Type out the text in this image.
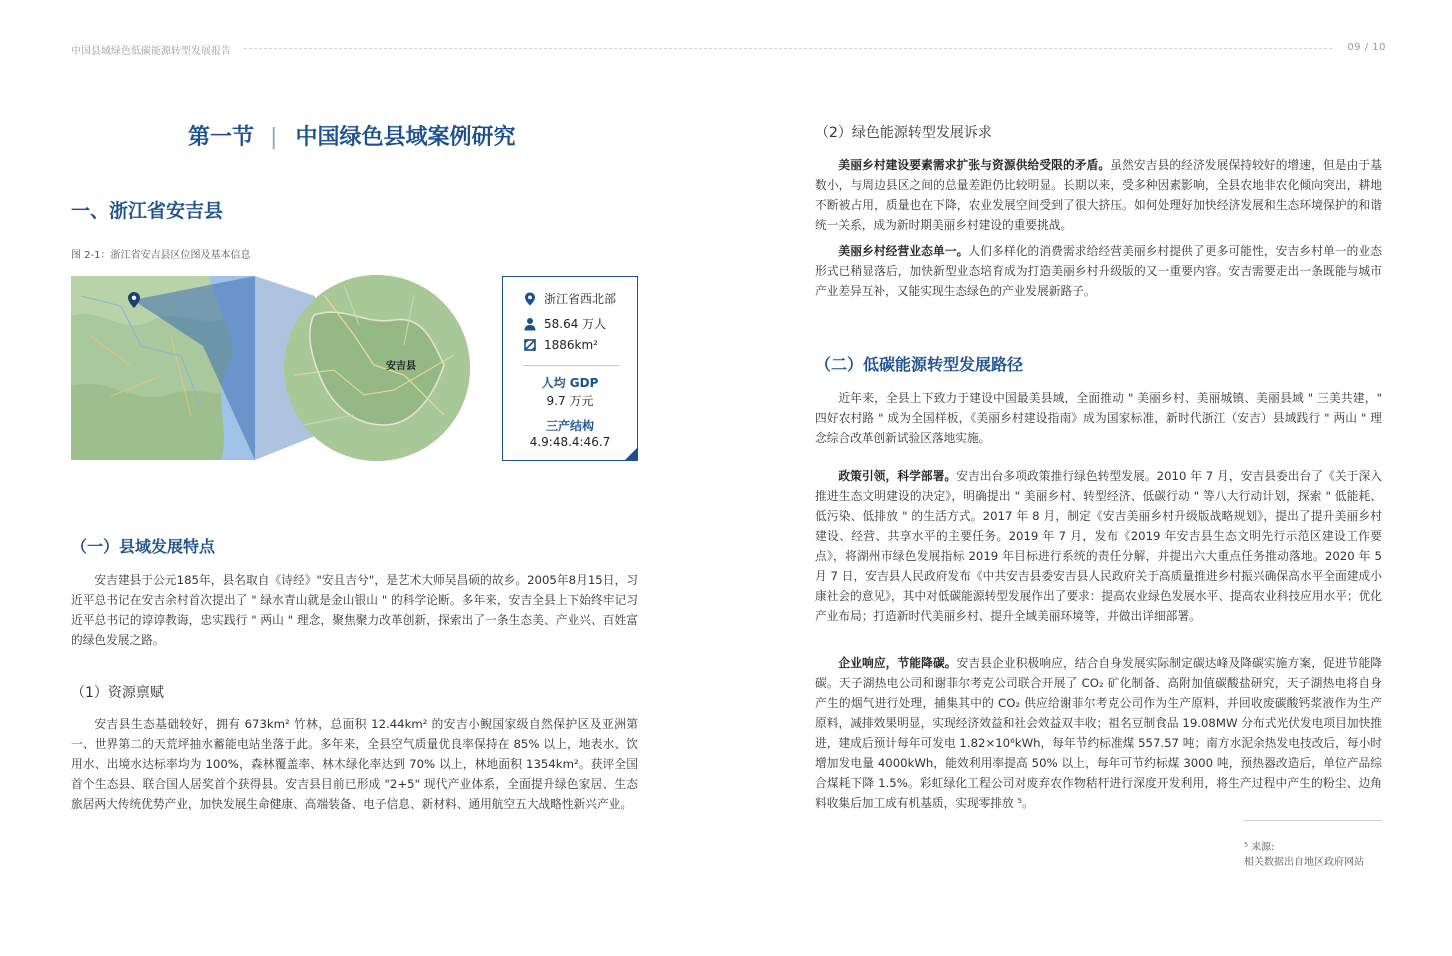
中国县域绿色低碳能源转型发展报告	09 / 10
第一节 | 中国绿色县域案例研究
一、浙江省安吉县
图 2-1：浙江省安吉县区位图及基本信息
安吉县
浙江省西北部
58.64 万人
1886km²
人均 GDP
9.7 万元
三产结构
4.9:48.4:46.7
（一）县域发展特点

安吉建县于公元185年，县名取自《诗经》"安且吉兮"，是艺术大师吴昌硕的故乡。2005年8月15日，习近平总书记在安吉余村首次提出了 " 绿水青山就是金山银山 " 的科学论断。多年来，安吉全县上下始终牢记习近平总书记的谆谆教诲，忠实践行 " 两山 " 理念，聚焦聚力改革创新，探索出了一条生态美、产业兴、百姓富的绿色发展之路。

（1）资源禀赋

安吉县生态基础较好，拥有 673km² 竹林，总面积 12.44km² 的安吉小鲵国家级自然保护区及亚洲第一、世界第二的天荒坪抽水蓄能电站坐落于此。多年来，全县空气质量优良率保持在 85% 以上，地表水、饮用水、出境水达标率均为 100%，森林覆盖率、林木绿化率达到 70% 以上，林地面积 1354km²。获评全国首个生态县、联合国人居奖首个获得县。安吉县目前已形成 "2+5" 现代产业体系，全面提升绿色家居、生态旅居两大传统优势产业，加快发展生命健康、高端装备、电子信息、新材料、通用航空五大战略性新兴产业。

（2）绿色能源转型发展诉求

美丽乡村建设要素需求扩张与资源供给受限的矛盾。虽然安吉县的经济发展保持较好的增速，但是由于基数小，与周边县区之间的总量差距仍比较明显。长期以来，受多种因素影响，全县农地非农化倾向突出，耕地不断被占用，质量也在下降，农业发展空间受到了很大挤压。如何处理好加快经济发展和生态环境保护的和谐统一关系，成为新时期美丽乡村建设的重要挑战。

美丽乡村经营业态单一。人们多样化的消费需求给经营美丽乡村提供了更多可能性，安吉乡村单一的业态形式已稍显落后，加快新型业态培育成为打造美丽乡村升级版的又一重要内容。安吉需要走出一条既能与城市产业差异互补，又能实现生态绿色的产业发展新路子。

（二）低碳能源转型发展路径

近年来，全县上下致力于建设中国最美县域，全面推动 " 美丽乡村、美丽城镇、美丽县域 " 三美共建，" 四好农村路 " 成为全国样板，《美丽乡村建设指南》成为国家标准，新时代浙江（安吉）县域践行 " 两山 " 理念综合改革创新试验区落地实施。

政策引领，科学部署。安吉出台多项政策推行绿色转型发展。2010 年 7 月，安吉县委出台了《关于深入推进生态文明建设的决定》，明确提出 " 美丽乡村、转型经济、低碳行动 " 等八大行动计划，探索 " 低能耗、低污染、低排放 " 的生活方式。2017 年 8 月，制定《安吉美丽乡村升级版战略规划》，提出了提升美丽乡村建设、经营、共享水平的主要任务。2019 年 7 月，发布《2019 年安吉县生态文明先行示范区建设工作要点》，将湖州市绿色发展指标 2019 年目标进行系统的责任分解，并提出六大重点任务推动落地。2020 年 5 月 7 日，安吉县人民政府发布《中共安吉县委安吉县人民政府关于高质量推进乡村振兴确保高水平全面建成小康社会的意见》，其中对低碳能源转型发展作出了要求：提高农业绿色发展水平、提高农业科技应用水平；优化产业布局；打造新时代美丽乡村、提升全域美丽环境等，并做出详细部署。

企业响应，节能降碳。安吉县企业积极响应，结合自身发展实际制定碳达峰及降碳实施方案，促进节能降碳。天子湖热电公司和谢菲尔考克公司联合开展了 CO₂ 矿化制备、高附加值碳酸盐研究，天子湖热电将自身产生的烟气进行处理，捕集其中的 CO₂ 供应给谢菲尔考克公司作为生产原料，并回收废碳酸钙浆液作为生产原料，减排效果明显，实现经济效益和社会效益双丰收；祖名豆制食品 19.08MW 分布式光伏发电项目加快推进，建成后预计每年可发电 1.82×10⁶kWh，每年节约标准煤 557.57 吨；南方水泥余热发电技改后，每小时增加发电量 4000kWh，能效利用率提高 50% 以上，每年可节约标煤 3000 吨，预热器改造后，单位产品综合煤耗下降 1.5%。彩虹绿化工程公司对废弃农作物秸杆进行深度开发利用，将生产过程中产生的粉尘、边角料收集后加工成有机基质，实现零排放 ⁵。

⁵ 来源:
相关数据出自地区政府网站
